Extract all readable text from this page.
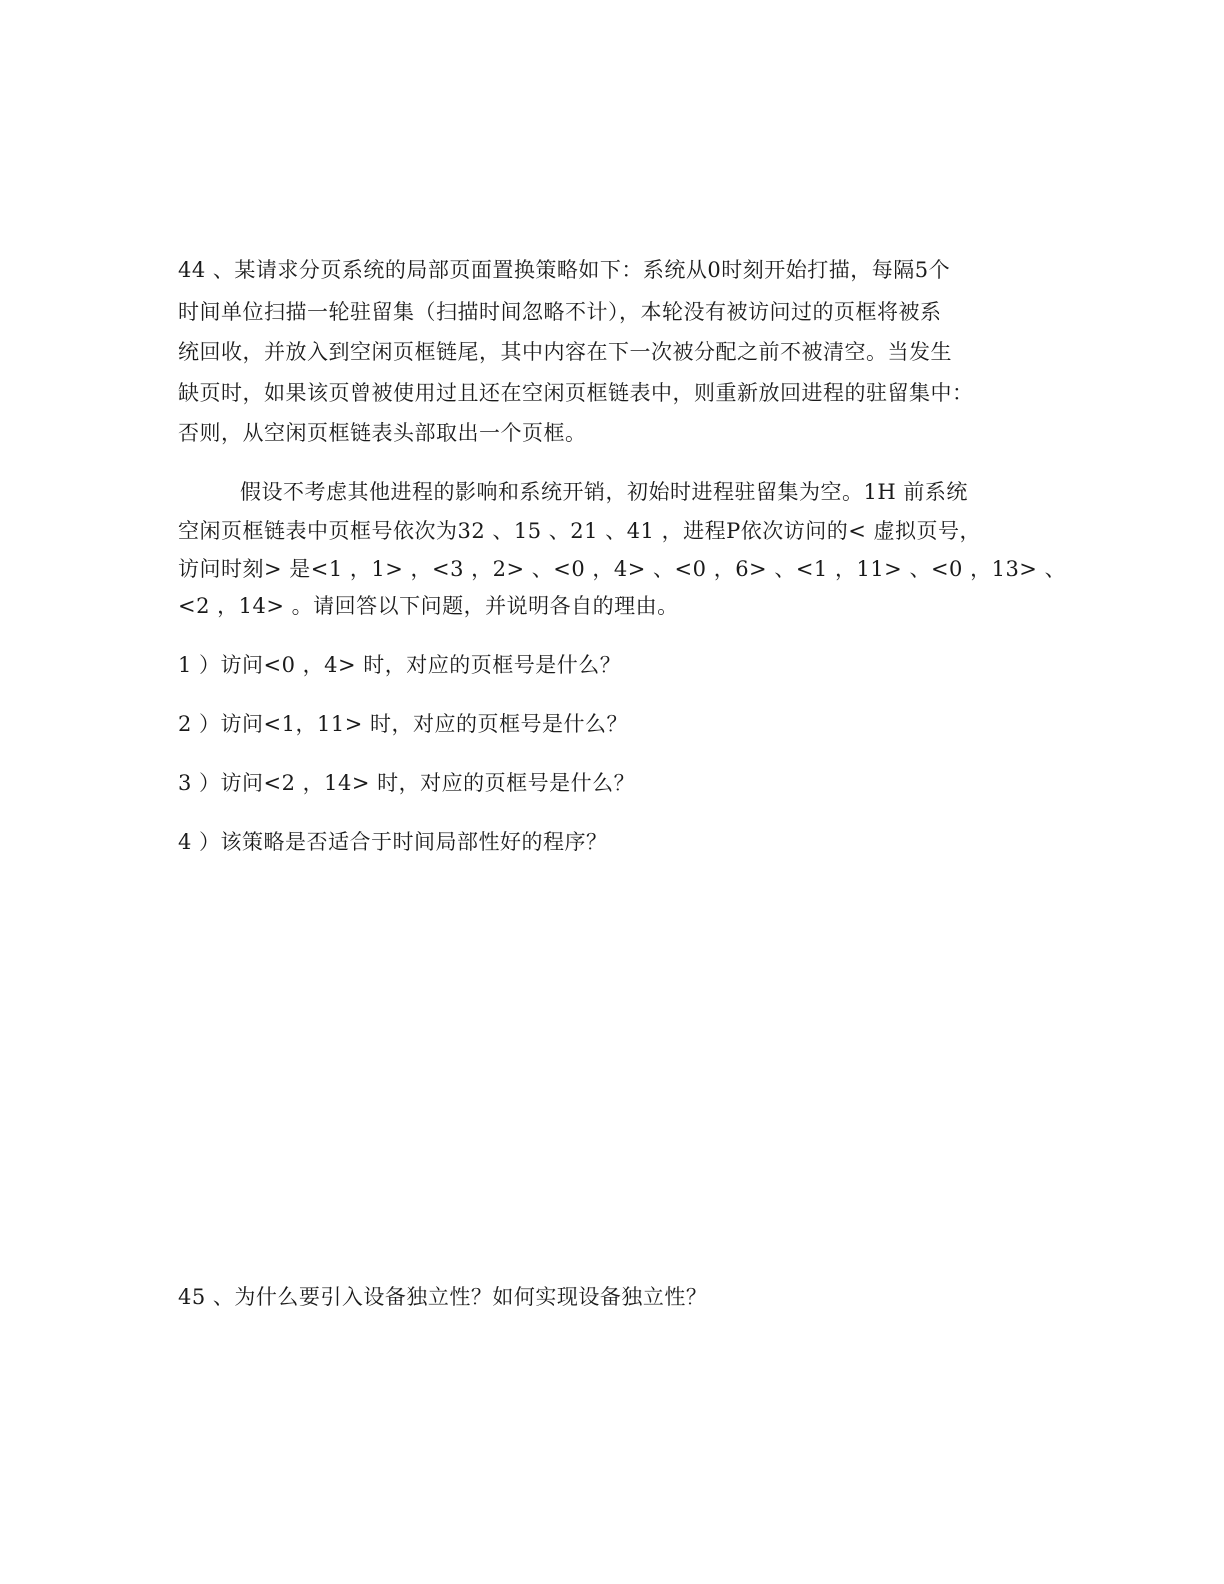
44 、某请求分页系统的局部页面置换策略如下：系统从0时刻开始打描，每隔5个
时间单位扫描一轮驻留集（扫描时间忽略不计），本轮没有被访问过的页框将被系
统回收，并放入到空闲页框链尾，其中内容在下一次被分配之前不被清空。当发生
缺页时，如果该页曾被使用过且还在空闲页框链表中，则重新放回进程的驻留集中：
否则，从空闲页框链表头部取出一个页框。
假设不考虑其他进程的影响和系统开销，初始时进程驻留集为空。1H 前系统
空闲页框链表中页框号依次为32 、15 、21 、41 ，进程P依次访问的< 虚拟页号，
访问时刻> 是<1 ，1> ，<3 ，2> 、<0 ，4> 、<0 ，6> 、<1 ，11> 、<0 ，13> 、
<2 ，14> 。请回答以下问题，并说明各自的理由。
1 ）访问<0 ，4> 时，对应的页框号是什么？
2 ）访问<1，11> 时，对应的页框号是什么？
3 ）访问<2 ，14> 时，对应的页框号是什么？
4 ）该策略是否适合于时间局部性好的程序？
45 、为什么要引入设备独立性？如何实现设备独立性？
